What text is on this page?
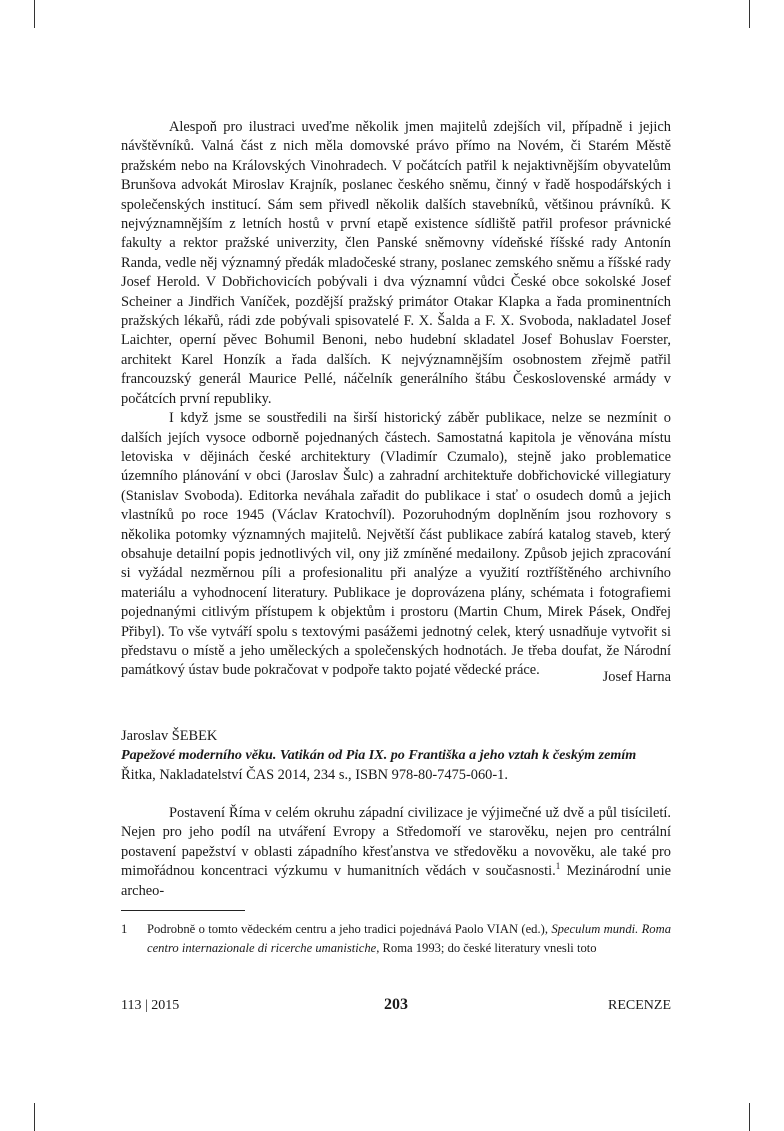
Alespoň pro ilustraci uveďme několik jmen majitelů zdejších vil, případně i jejich návštěvníků. Valná část z nich měla domovské právo přímo na Novém, či Starém Městě pražském nebo na Královských Vinohradech. V počátcích patřil k nejaktivnějším obyvatelům Brunšova advokát Miroslav Krajník, poslanec českého sněmu, činný v řadě hospodářských i společenských institucí. Sám sem přivedl několik dalších stavebníků, většinou právníků. K nejvýznamnějším z letních hostů v první etapě existence sídliště patřil profesor právnické fakulty a rektor pražské univerzity, člen Panské sněmovny vídeňské říšské rady Antonín Randa, vedle něj významný předák mladočeské strany, poslanec zemského sněmu a říšské rady Josef Herold. V Dobřichovicích pobývali i dva významní vůdci České obce sokolské Josef Scheiner a Jindřich Vaníček, pozdější pražský primátor Otakar Klapka a řada prominentních pražských lékařů, rádi zde pobývali spisovatelé F. X. Šalda a F. X. Svoboda, nakladatel Josef Laichter, operní pěvec Bohumil Benoni, nebo hudební skladatel Josef Bohuslav Foerster, architekt Karel Honzík a řada dalších. K nejvýznamnějším osobnostem zřejmě patřil francouzský generál Maurice Pellé, náčelník generálního štábu Československé armády v počátcích první republiky.

I když jsme se soustředili na širší historický záběr publikace, nelze se nezmínit o dalších jejích vysoce odborně pojednaných částech. Samostatná kapitola je věnována místu letoviska v dějinách české architektury (Vladimír Czumalo), stejně jako problematice územního plánování v obci (Jaroslav Šulc) a zahradní architektuře dobřichovické villegiatury (Stanislav Svoboda). Editorka neváhala zařadit do publikace i stať o osudech domů a jejich vlastníků po roce 1945 (Václav Kratochvíl). Pozoruhodným doplněním jsou rozhovory s několika potomky významných majitelů. Největší část publikace zabírá katalog staveb, který obsahuje detailní popis jednotlivých vil, ony již zmíněné medailony. Způsob jejich zpracování si vyžádal nezměrnou píli a profesionalitu při analýze a využití roztříštěného archivního materiálu a vyhodnocení literatury. Publikace je doprovázena plány, schémata i fotografiemi pojednanými citlivým přístupem k objektům i prostoru (Martin Chum, Mirek Pásek, Ondřej Přibyl). To vše vytváří spolu s textovými pasážemi jednotný celek, který usnadňuje vytvořit si představu o místě a jeho uměleckých a společenských hodnotách. Je třeba doufat, že Národní památkový ústav bude pokračovat v podpoře takto pojaté vědecké práce.	Josef Harna
Jaroslav ŠEBEK
Papežové moderního věku. Vatikán od Pia IX. po Františka a jeho vztah k českým zemím
Řitka, Nakladatelství ČAS 2014, 234 s., ISBN 978-80-7475-060-1.

Postavení Říma v celém okruhu západní civilizace je výjimečné už dvě a půl tisíciletí. Nejen pro jeho podíl na utváření Evropy a Středomoří ve starověku, nejen pro centrální postavení papežství v oblasti západního křesťanstva ve středověku a novověku, ale také pro mimořádnou koncentraci výzkumu v humanitních vědách v současnosti.$^1$ Mezinárodní unie archeo-

1 Podrobně o tomto vědeckém centru a jeho tradici pojednává Paolo VIAN (ed.), Speculum mundi. Roma centro internazionale di ricerche umanistiche, Roma 1993; do české literatury vnesli toto
113 | 2015	203	RECENZE
